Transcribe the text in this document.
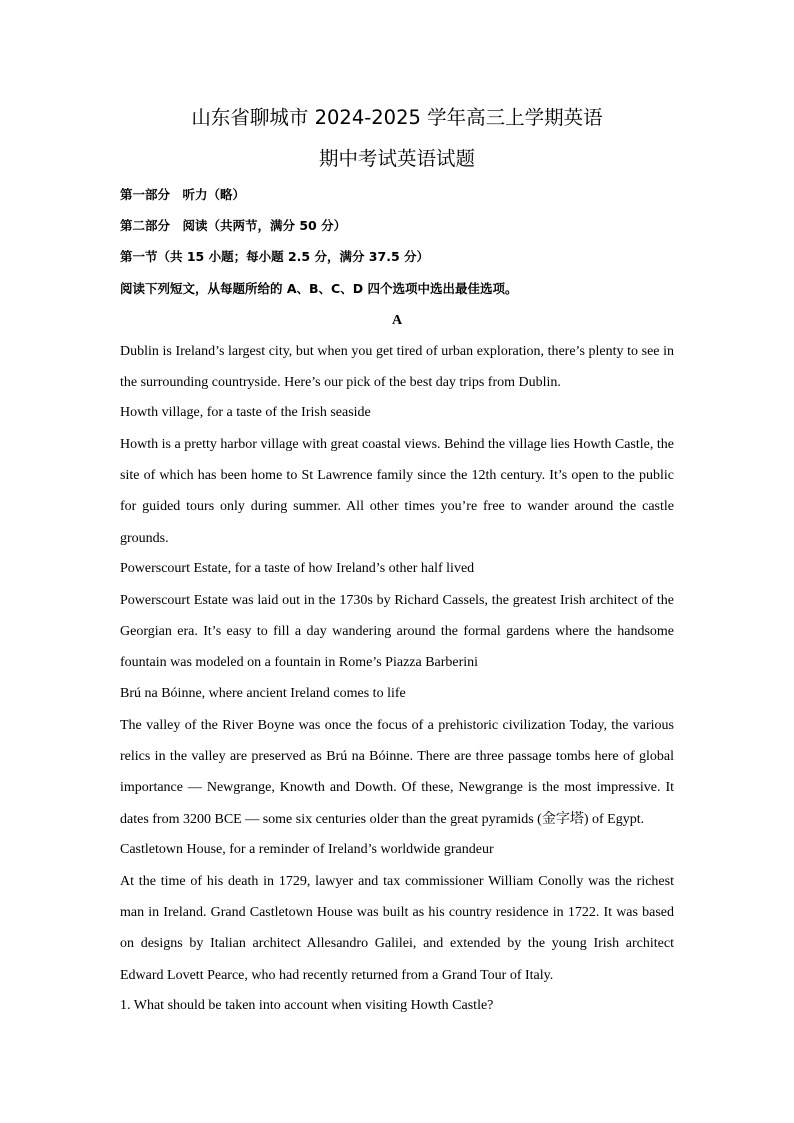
山东省聊城市 2024-2025 学年高三上学期英语
期中考试英语试题
第一部分　听力（略）
第二部分　阅读（共两节，满分 50 分）
第一节（共 15 小题；每小题 2.5 分，满分 37.5 分）
阅读下列短文，从每题所给的 A、B、C、D 四个选项中选出最佳选项。
A
Dublin is Ireland’s largest city, but when you get tired of urban exploration, there’s plenty to see in the surrounding countryside. Here’s our pick of the best day trips from Dublin.
Howth village, for a taste of the Irish seaside
Howth is a pretty harbor village with great coastal views. Behind the village lies Howth Castle, the site of which has been home to St Lawrence family since the 12th century. It’s open to the public for guided tours only during summer. All other times you’re free to wander around the castle grounds.
Powerscourt Estate, for a taste of how Ireland’s other half lived
Powerscourt Estate was laid out in the 1730s by Richard Cassels, the greatest Irish architect of the Georgian era. It’s easy to fill a day wandering around the formal gardens where the handsome fountain was modeled on a fountain in Rome’s Piazza Barberini
Brú na Bóinne, where ancient Ireland comes to life
The valley of the River Boyne was once the focus of a prehistoric civilization Today, the various relics in the valley are preserved as Brú na Bóinne. There are three passage tombs here of global importance — Newgrange, Knowth and Dowth. Of these, Newgrange is the most impressive. It dates from 3200 BCE — some six centuries older than the great pyramids (金字塔) of Egypt.
Castletown House, for a reminder of Ireland’s worldwide grandeur
At the time of his death in 1729, lawyer and tax commissioner William Conolly was the richest man in Ireland. Grand Castletown House was built as his country residence in 1722. It was based on designs by Italian architect Allesandro Galilei, and extended by the young Irish architect Edward Lovett Pearce, who had recently returned from a Grand Tour of Italy.
1. What should be taken into account when visiting Howth Castle?
